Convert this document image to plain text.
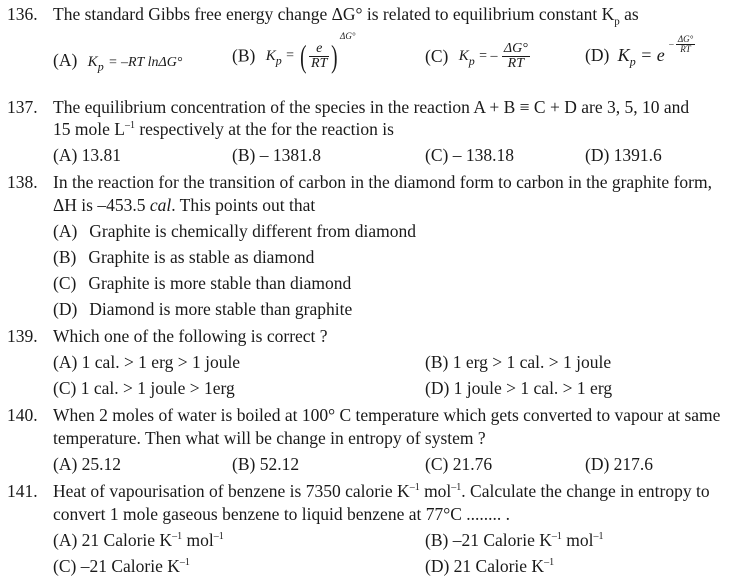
136. The standard Gibbs free energy change ΔG° is related to equilibrium constant $K_p$ as
(A) $K_p = -RT$ lnΔG°	(B) $K_p$ = ( $\frac{e}{RT} )^{\Delta G^\circ}$
(C) $K_p$ = – $\frac{\Delta G^\circ}{RT}$	(D) $K_p = e$ $^{- \frac{\Delta G^\circ}{RT}}$
137. The equilibrium concentration of the species in the reaction A + B ≡ C + D are 3, 5, 10 and
15 mole $L^{-1}$ respectively at the for the reaction is
(A) 13.81	(B) – 1381.8	(C) – 138.18	(D) 1391.6
138. In the reaction for the transition of carbon in the diamond form to carbon in the graphite form,
ΔH is –453.5 cal. This points out that
(A) Graphite is chemically different from diamond
(B) Graphite is as stable as diamond
(C) Graphite is more stable than diamond
(D) Diamond is more stable than graphite
139. Which one of the following is correct ?
(A) 1 cal. > 1 erg > 1 joule	(B) 1 erg > 1 cal. > 1 joule
(C) 1 cal. > 1 joule > 1erg	(D) 1 joule > 1 cal. > 1 erg
140. When 2 moles of water is boiled at 100° C temperature which gets converted to vapour at same
temperature. Then what will be change in entropy of system ?
(A) 25.12	(B) 52.12	(C) 21.76	(D) 217.6
141. Heat of vapourisation of benzene is 7350 calorie $K^{-1}$ mol$^{-1}$. Calculate the change in entropy to
convert 1 mole gaseous benzene to liquid benzene at 77°C ........ .
(A) 21 Calorie $K^{-1}$ mol$^{-1}$	(B) –21 Calorie $K^{-1}$ mol$^{-1}$
(C) –21 Calorie $K^{-1}$	(D) 21 Calorie $K^{-1}$
